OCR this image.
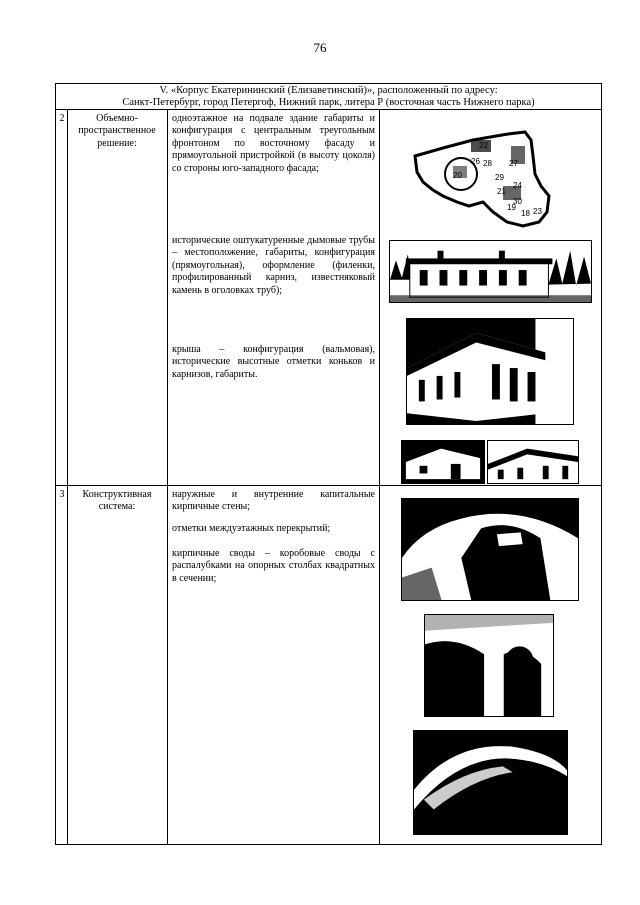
76
V. «Корпус Екатерининский (Елизаветинский)», расположенный по адресу:
Санкт-Петербург, город Петергоф, Нижний парк, литера Р (восточная часть Нижнего парка)
2	Объемно-пространственное решение:
одноэтажное на подвале здание габариты и конфигурация с центральным треугольным фронтоном по восточному фасаду и прямоугольной пристройкой (в высоту цоколя) со стороны юго-западного фасада;
исторические оштукатуренные дымовые трубы – местоположение, габариты, конфигурация (прямоугольная), оформление (филенки, профилированный карниз, известняковый камень в оголовках труб);
крыша – конфигурация (вальмовая), исторические высотные отметки коньков и карнизов, габариты.
3	Конструктивная система:
наружные и внутренние капитальные кирпичные стены;
отметки междуэтажных перекрытий;
кирпичные своды – коробовые своды с распалубками на опорных столбах квадратных в сечении;
22
28
26	27
20	29
21
24
19
18 23
30
